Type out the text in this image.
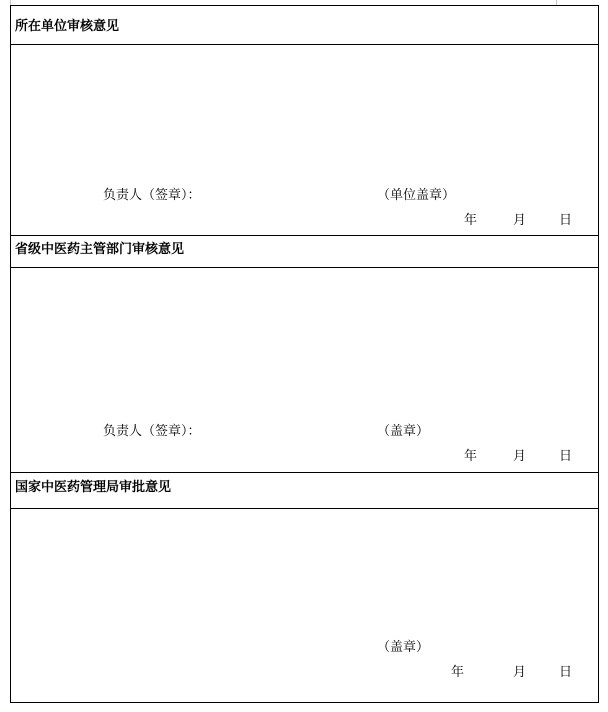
所在单位审核意见
负责人（签章）：	（单位盖章）
年	月	日
省级中医药主管部门审核意见
负责人（签章）：	（盖章）
年	月	日
国家中医药管理局审批意见
（盖章）
年	月	日
